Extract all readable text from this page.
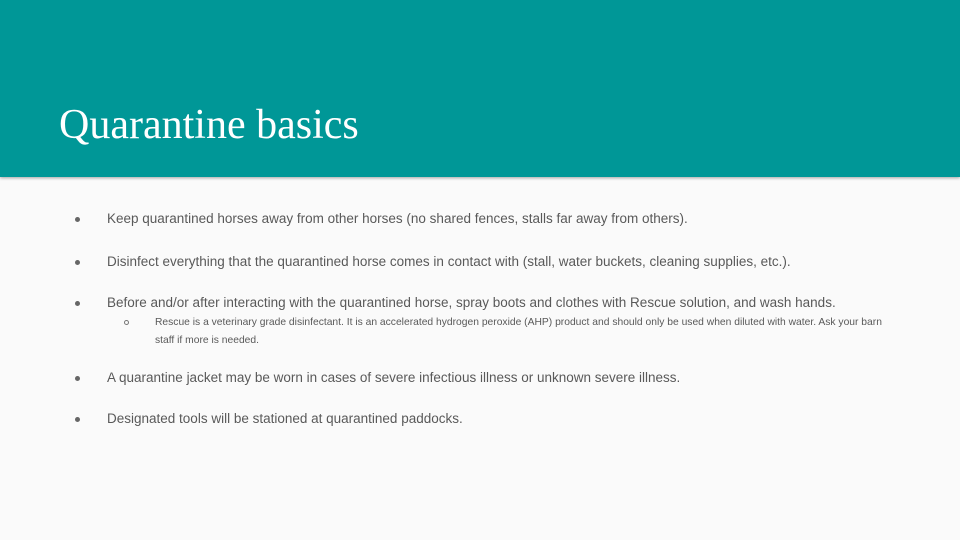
Quarantine basics
Keep quarantined horses away from other horses (no shared fences, stalls far away from others).
Disinfect everything that the quarantined horse comes in contact with (stall, water buckets, cleaning supplies, etc.).
Before and/or after interacting with the quarantined horse, spray boots and clothes with Rescue solution, and wash hands.
Rescue is a veterinary grade disinfectant. It is an accelerated hydrogen peroxide (AHP) product and should only be used when diluted with water. Ask your barn staff if more is needed.
A quarantine jacket may be worn in cases of severe infectious illness or unknown severe illness.
Designated tools will be stationed at quarantined paddocks.
